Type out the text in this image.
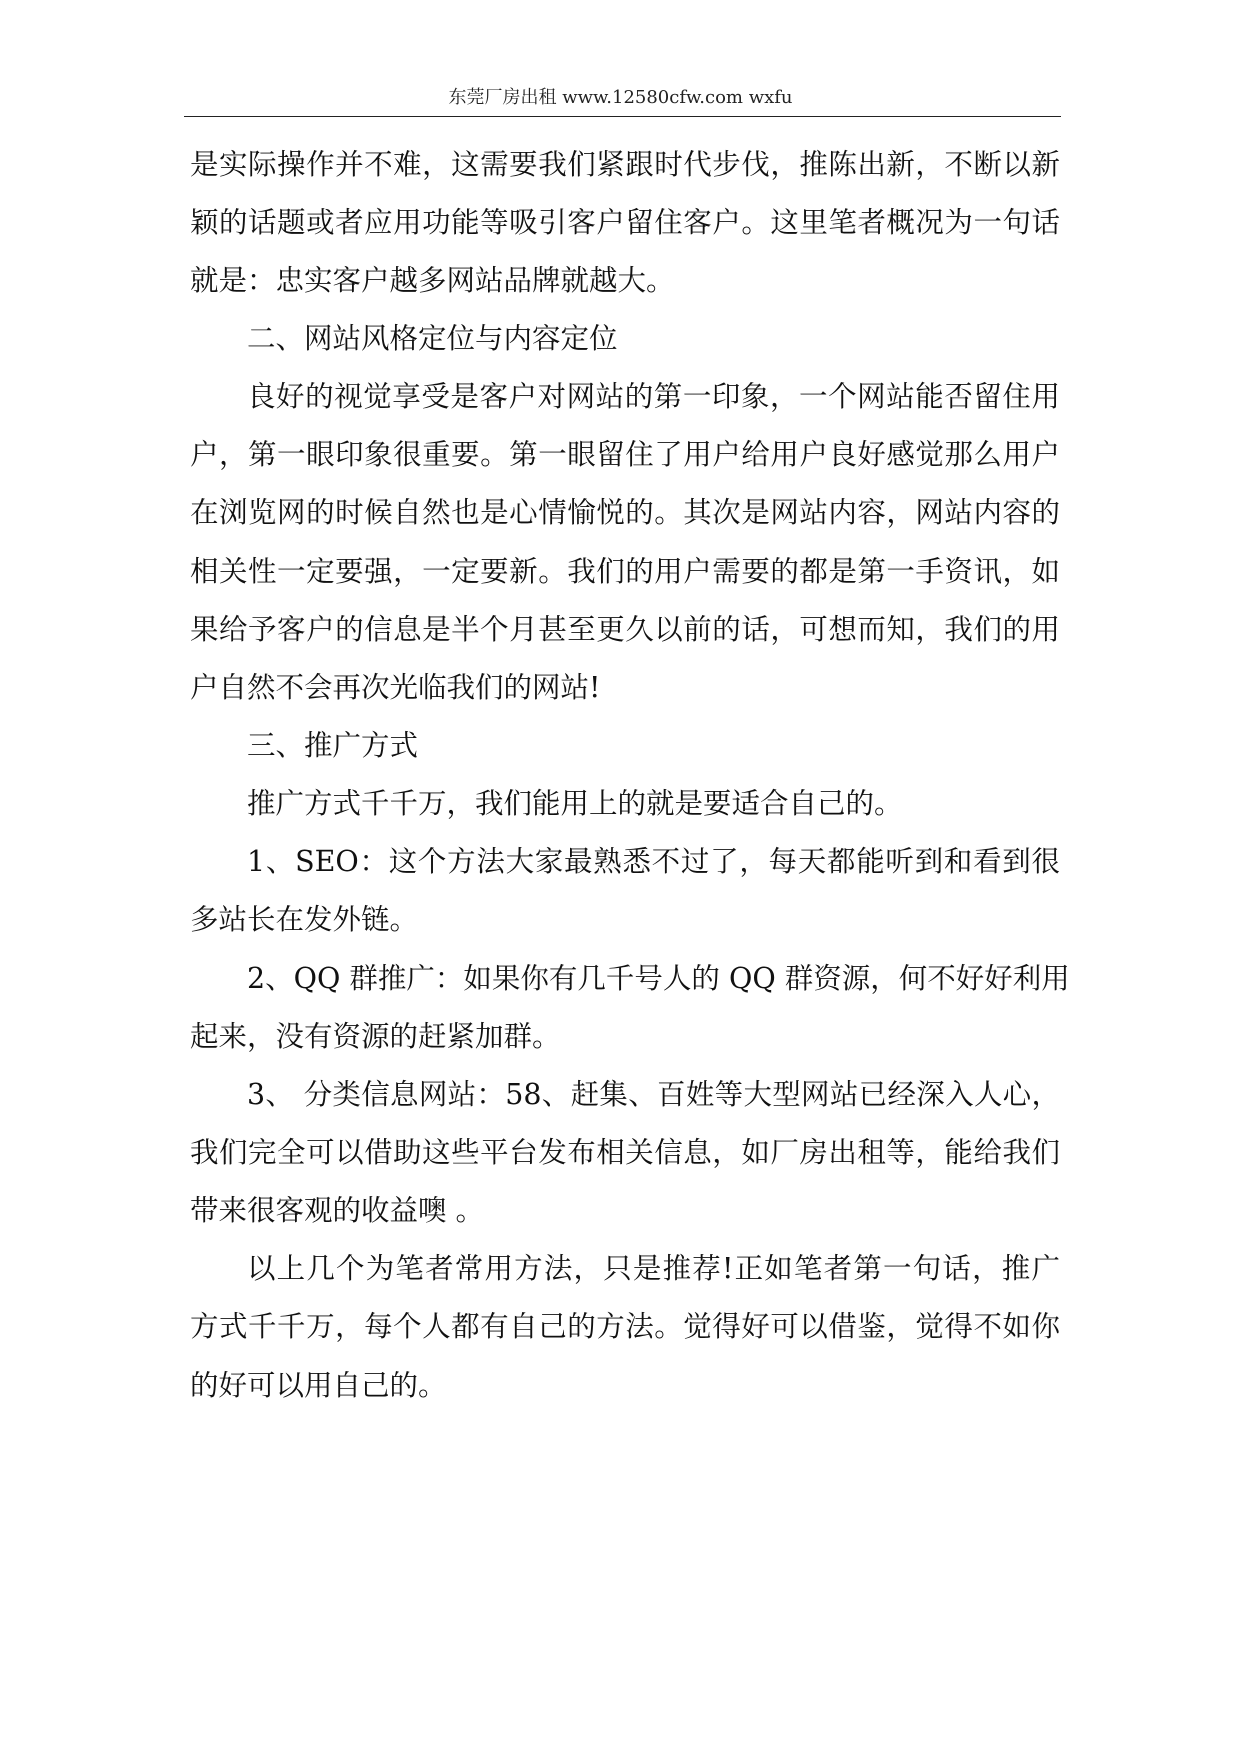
东莞厂房出租 www.12580cfw.com wxfu
是实际操作并不难，这需要我们紧跟时代步伐，推陈出新，不断以新
颖的话题或者应用功能等吸引客户留住客户。这里笔者概况为一句话
就是：忠实客户越多网站品牌就越大。
二、网站风格定位与内容定位
良好的视觉享受是客户对网站的第一印象，一个网站能否留住用
户，第一眼印象很重要。第一眼留住了用户给用户良好感觉那么用户
在浏览网的时候自然也是心情愉悦的。其次是网站内容，网站内容的
相关性一定要强，一定要新。我们的用户需要的都是第一手资讯，如
果给予客户的信息是半个月甚至更久以前的话，可想而知，我们的用
户自然不会再次光临我们的网站!
三、推广方式
推广方式千千万，我们能用上的就是要适合自己的。
1、SEO：这个方法大家最熟悉不过了，每天都能听到和看到很
多站长在发外链。
2、QQ 群推广：如果你有几千号人的 QQ 群资源，何不好好利用
起来，没有资源的赶紧加群。
3、 分类信息网站：58、赶集、百姓等大型网站已经深入人心，
我们完全可以借助这些平台发布相关信息，如厂房出租等，能给我们
带来很客观的收益噢 。
以上几个为笔者常用方法，只是推荐!正如笔者第一句话，推广
方式千千万，每个人都有自己的方法。觉得好可以借鉴，觉得不如你
的好可以用自己的。
